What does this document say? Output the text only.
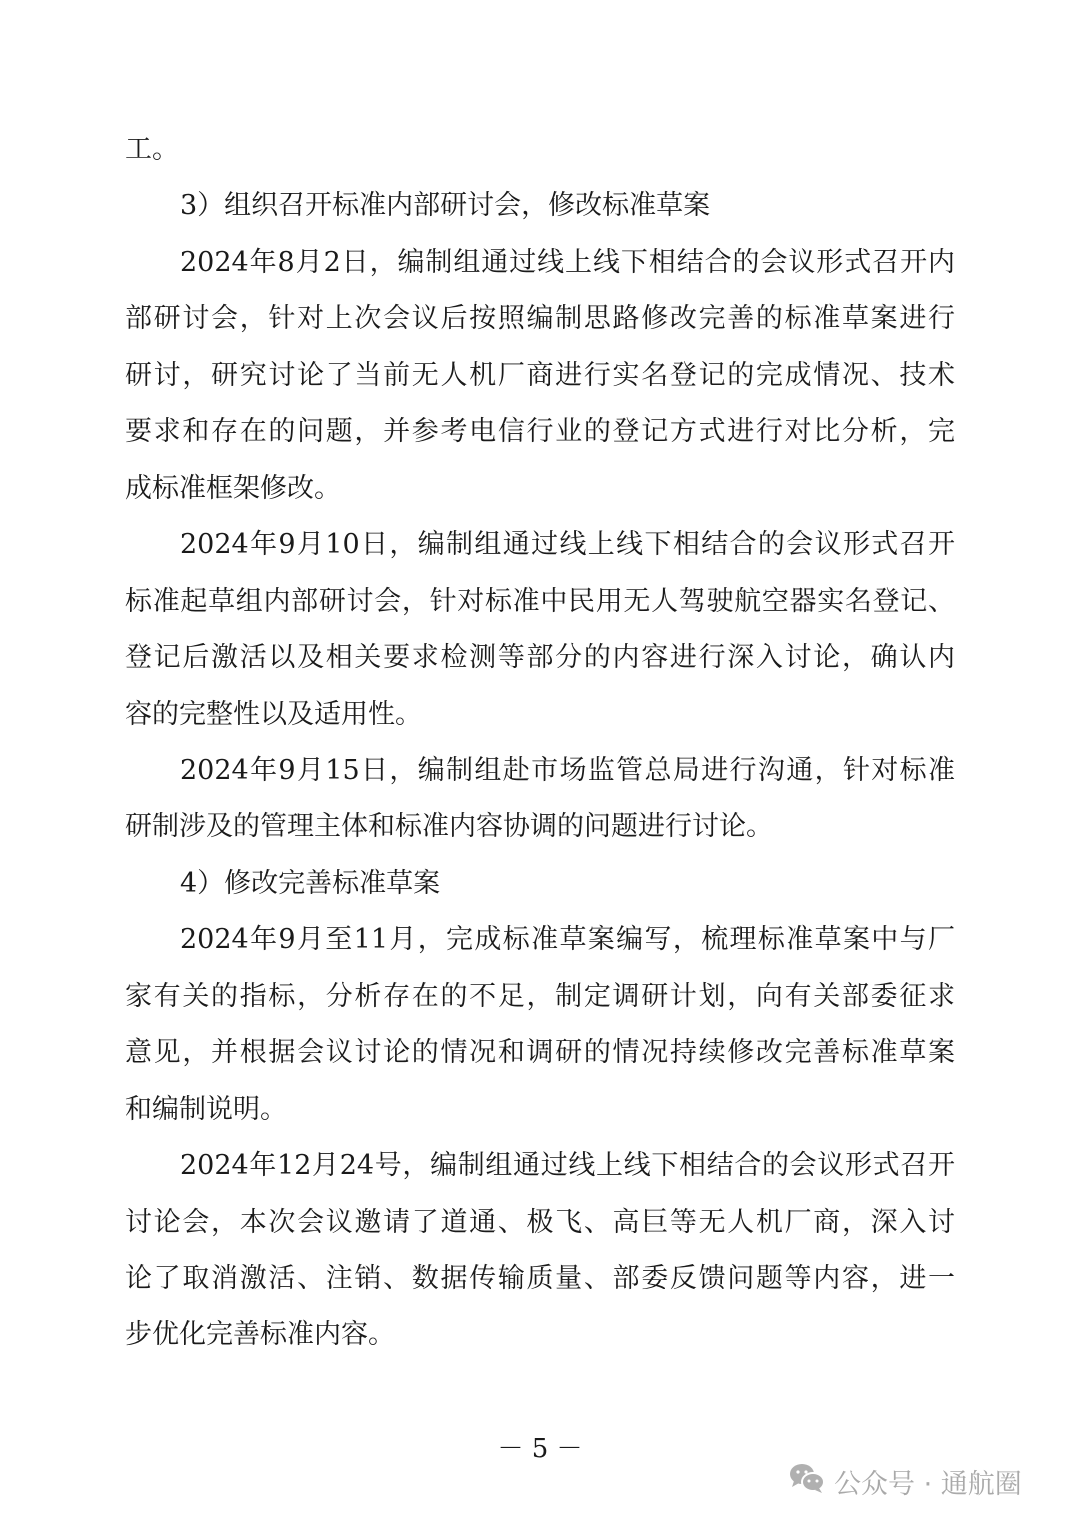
工。
3）组织召开标准内部研讨会，修改标准草案
2024年8月2日，编制组通过线上线下相结合的会议形式召开内
部研讨会，针对上次会议后按照编制思路修改完善的标准草案进行
研讨，研究讨论了当前无人机厂商进行实名登记的完成情况、技术
要求和存在的问题，并参考电信行业的登记方式进行对比分析，完
成标准框架修改。
2024年9月10日，编制组通过线上线下相结合的会议形式召开
标准起草组内部研讨会，针对标准中民用无人驾驶航空器实名登记、
登记后激活以及相关要求检测等部分的内容进行深入讨论，确认内
容的完整性以及适用性。
2024年9月15日，编制组赴市场监管总局进行沟通，针对标准
研制涉及的管理主体和标准内容协调的问题进行讨论。
4）修改完善标准草案
2024年9月至11月，完成标准草案编写，梳理标准草案中与厂
家有关的指标，分析存在的不足，制定调研计划，向有关部委征求
意见，并根据会议讨论的情况和调研的情况持续修改完善标准草案
和编制说明。
2024年12月24号，编制组通过线上线下相结合的会议形式召开
讨论会，本次会议邀请了道通、极飞、高巨等无人机厂商，深入讨
论了取消激活、注销、数据传输质量、部委反馈问题等内容，进一
步优化完善标准内容。
－ 5 －
公众号 · 通航圈
